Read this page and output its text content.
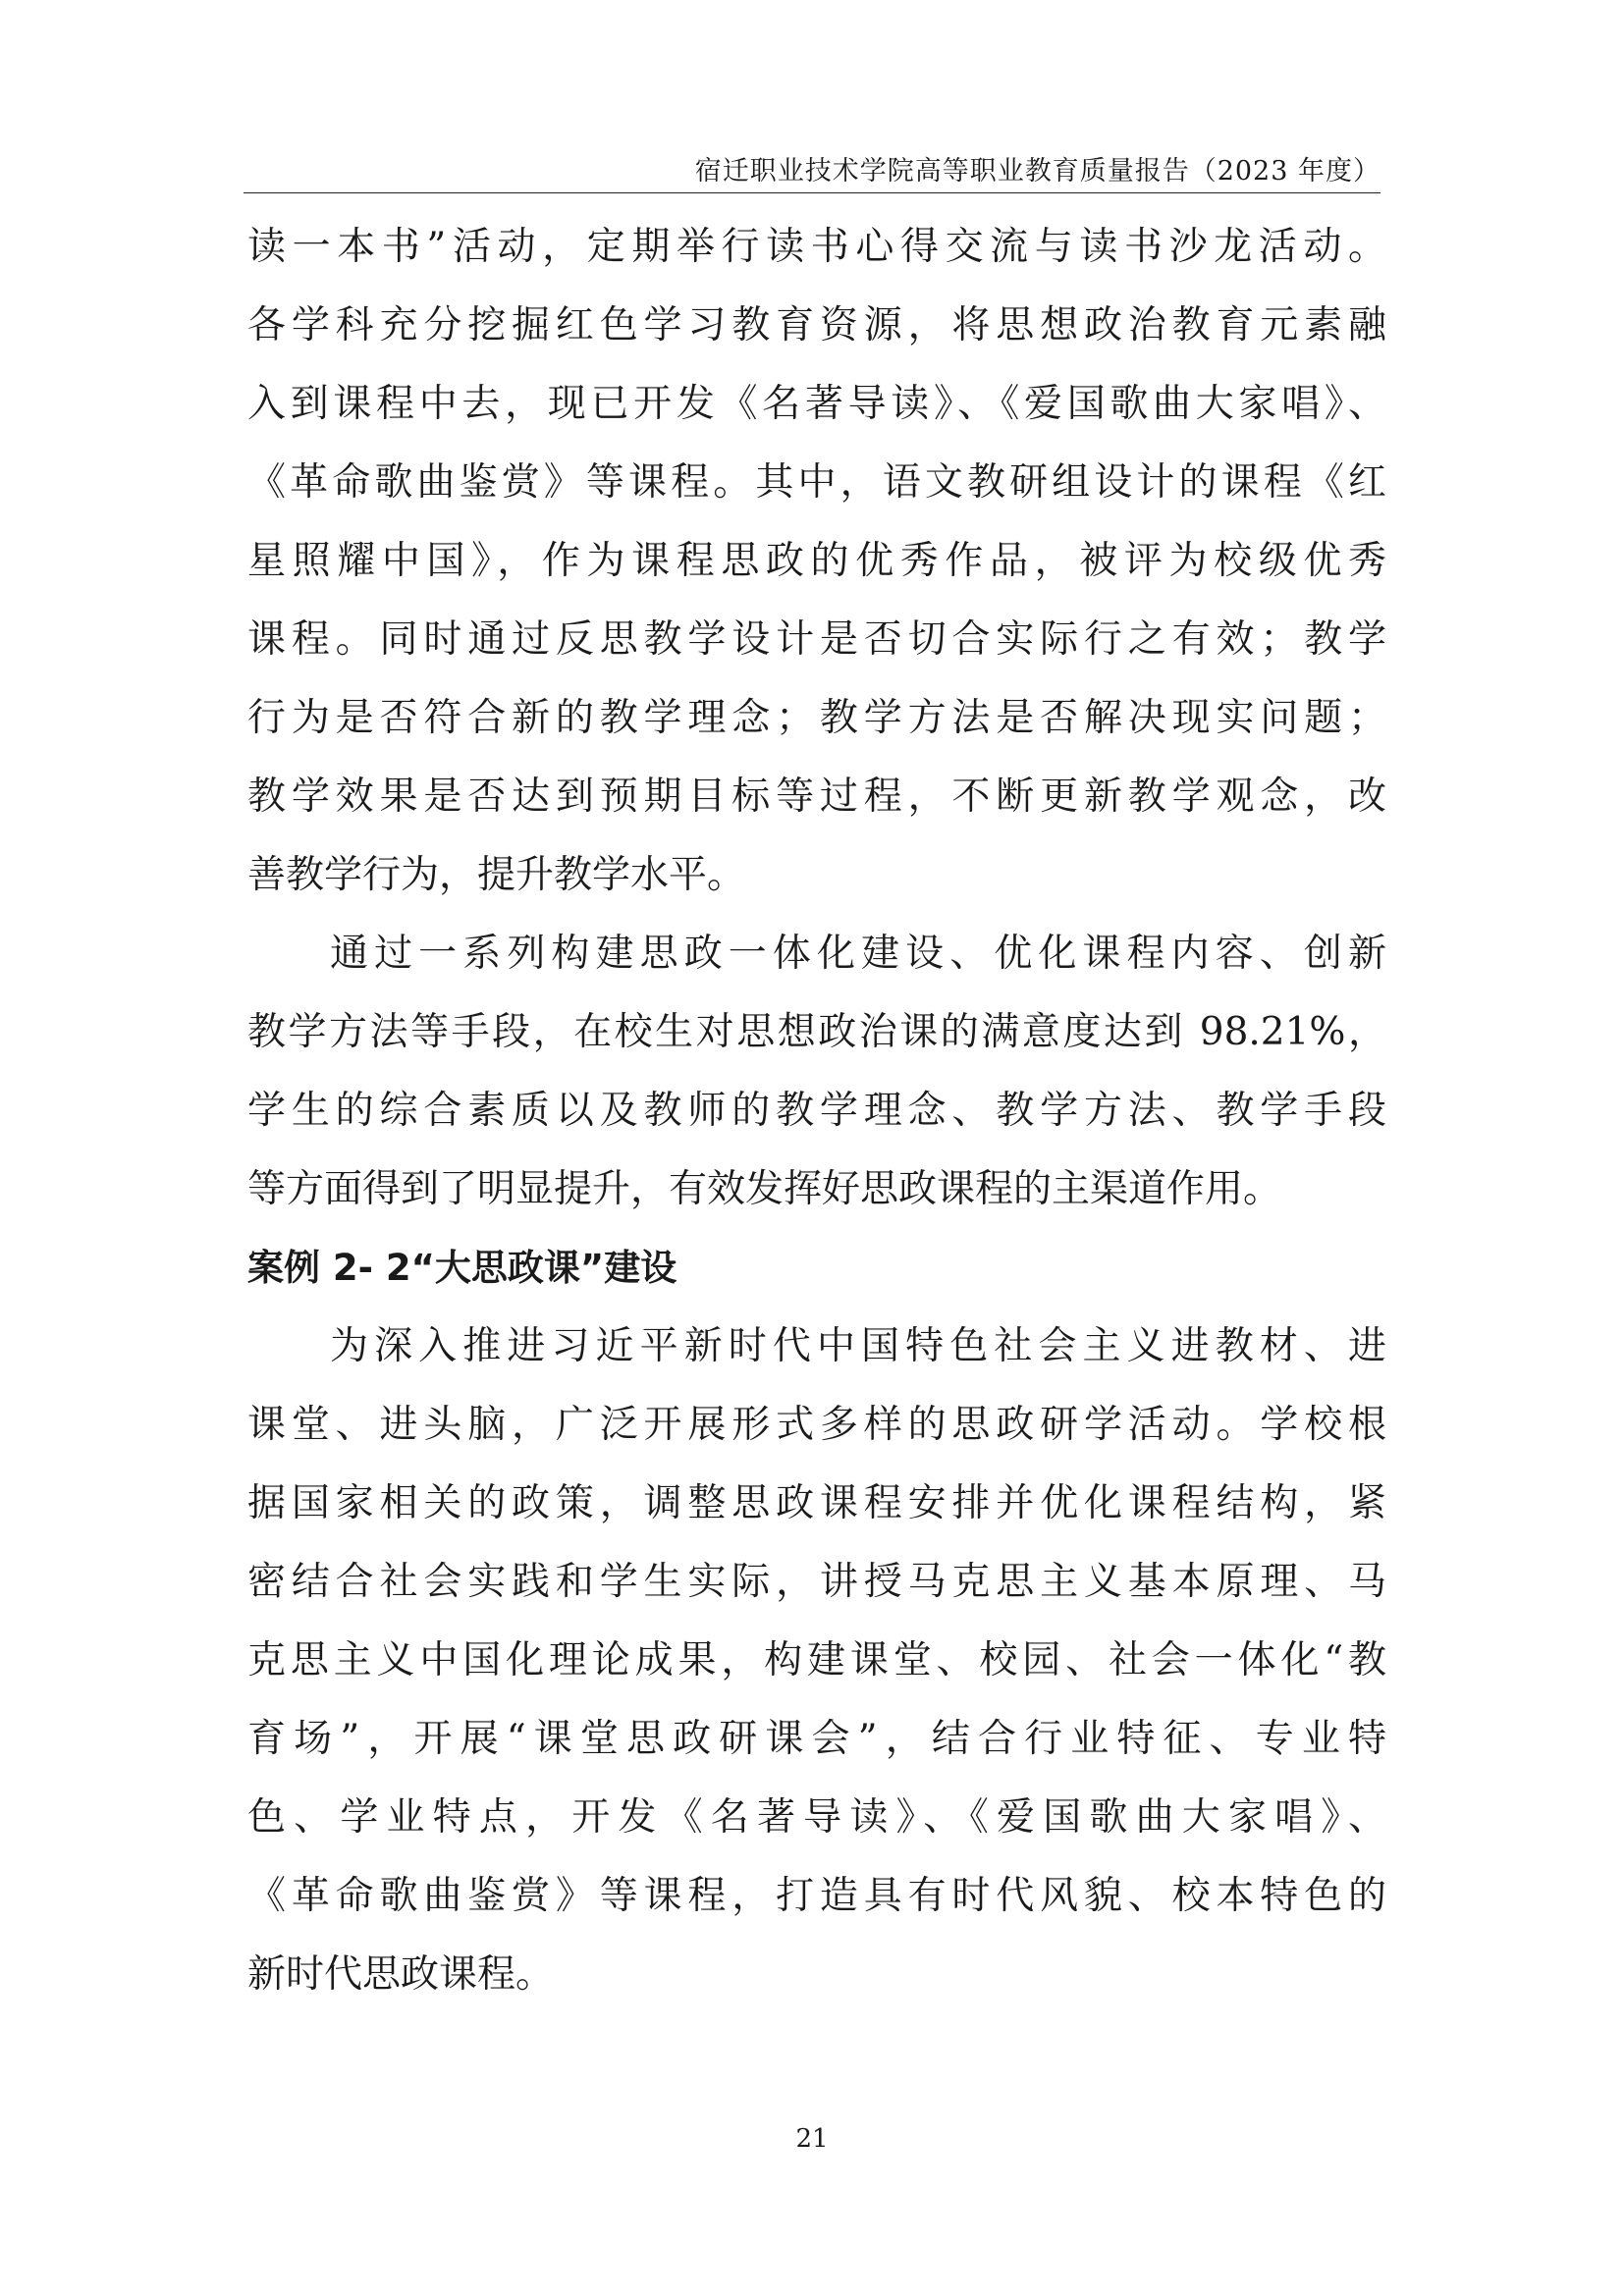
宿迁职业技术学院高等职业教育质量报告（2023 年度）
读一本书”活动，定期举行读书心得交流与读书沙龙活动。
各学科充分挖掘红色学习教育资源，将思想政治教育元素融
入到课程中去，现已开发《名著导读》、《爱国歌曲大家唱》、
《革命歌曲鉴赏》等课程。其中，语文教研组设计的课程《红
星照耀中国》，作为课程思政的优秀作品，被评为校级优秀
课程。同时通过反思教学设计是否切合实际行之有效；教学
行为是否符合新的教学理念；教学方法是否解决现实问题；
教学效果是否达到预期目标等过程，不断更新教学观念，改
善教学行为，提升教学水平。
通过一系列构建思政一体化建设、优化课程内容、创新
教学方法等手段，在校生对思想政治课的满意度达到 98.21%，
学生的综合素质以及教师的教学理念、教学方法、教学手段
等方面得到了明显提升，有效发挥好思政课程的主渠道作用。
案例 2- 2“大思政课”建设
为深入推进习近平新时代中国特色社会主义进教材、进
课堂、进头脑，广泛开展形式多样的思政研学活动。学校根
据国家相关的政策，调整思政课程安排并优化课程结构，紧
密结合社会实践和学生实际，讲授马克思主义基本原理、马
克思主义中国化理论成果，构建课堂、校园、社会一体化“教
育场”，开展“课堂思政研课会”，结合行业特征、专业特
色、学业特点，开发《名著导读》、《爱国歌曲大家唱》、
《革命歌曲鉴赏》等课程，打造具有时代风貌、校本特色的
新时代思政课程。
21
